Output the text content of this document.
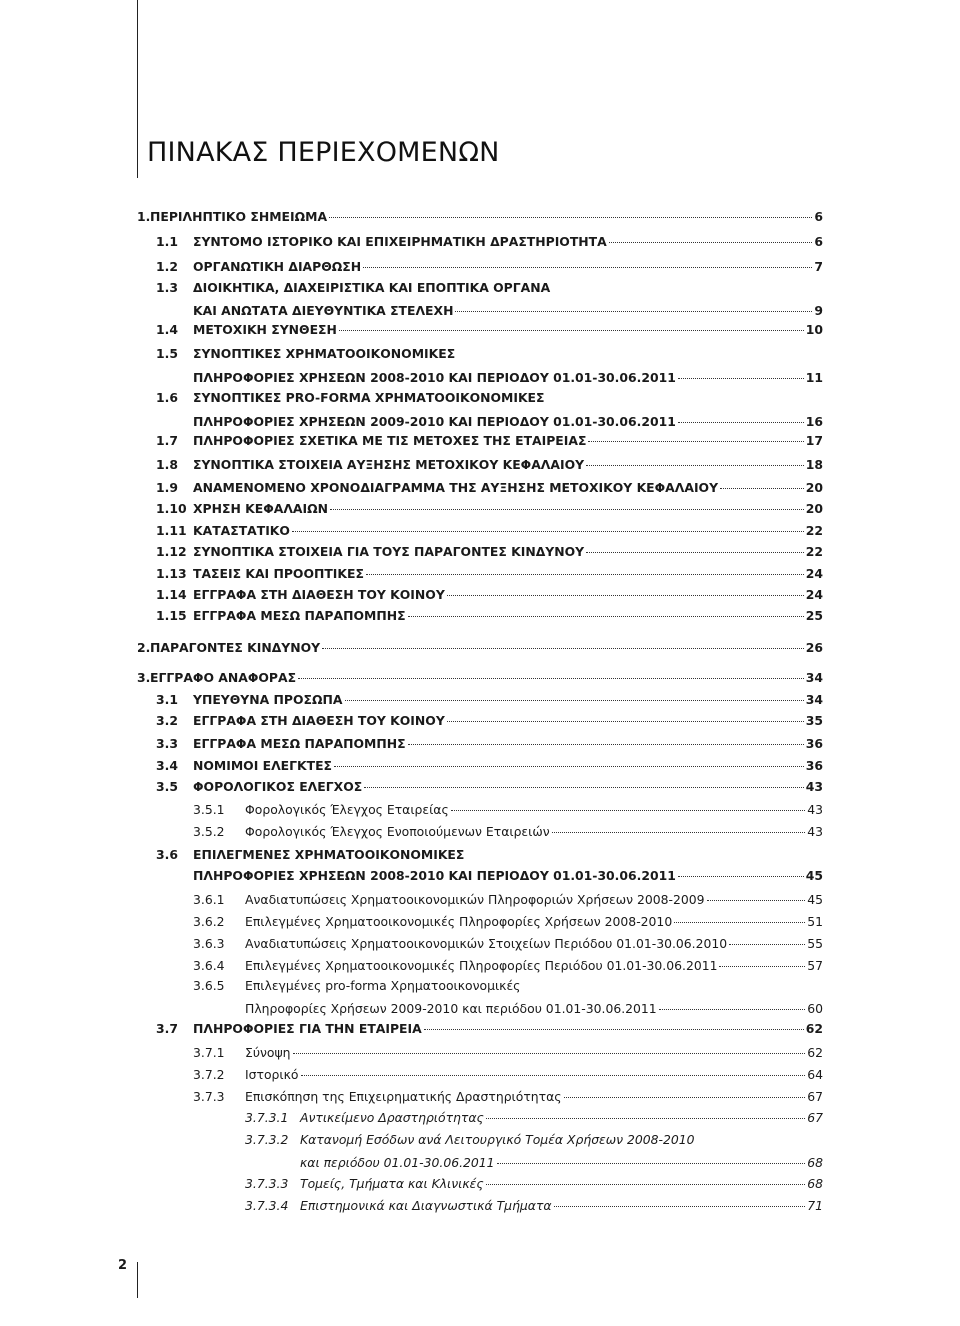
ΠΙΝΑΚΑΣ ΠΕΡΙΕΧΟΜΕΝΩΝ
2
1. ΠΕΡΙΛΗΠΤΙΚΟ ΣΗΜΕΙΩΜΑ	6
1.1 ΣΥΝΤΟΜΟ ΙΣΤΟΡΙΚΟ ΚΑΙ ΕΠΙΧΕΙΡΗΜΑΤΙΚΗ ΔΡΑΣΤΗΡΙΟΤΗΤΑ	6
1.2 ΟΡΓΑΝΩΤΙΚΗ ΔΙΑΡΘΩΣΗ	7
1.3 ΔΙΟΙΚΗΤΙΚΑ, ΔΙΑΧΕΙΡΙΣΤΙΚΑ ΚΑΙ ΕΠΟΠΤΙΚΑ ΟΡΓΑΝΑ
ΚΑΙ ΑΝΩΤΑΤΑ ΔΙΕΥΘΥΝΤΙΚΑ ΣΤΕΛΕΧΗ	9
1.4 ΜΕΤΟΧΙΚΗ ΣΥΝΘΕΣΗ	10
1.5 ΣΥΝΟΠΤΙΚΕΣ ΧΡΗΜΑΤΟΟΙΚΟΝΟΜΙΚΕΣ
ΠΛΗΡΟΦΟΡΙΕΣ ΧΡΗΣΕΩΝ 2008-2010 ΚΑΙ ΠΕΡΙΟΔΟΥ 01.01-30.06.2011	11
1.6 ΣΥΝΟΠΤΙΚΕΣ PRO-FORMA ΧΡΗΜΑΤΟΟΙΚΟΝΟΜΙΚΕΣ
ΠΛΗΡΟΦΟΡΙΕΣ ΧΡΗΣΕΩΝ 2009-2010 ΚΑΙ ΠΕΡΙΟΔΟΥ 01.01-30.06.2011	16
1.7 ΠΛΗΡΟΦΟΡΙΕΣ ΣΧΕΤΙΚΑ ΜΕ ΤΙΣ ΜΕΤΟΧΕΣ ΤΗΣ ΕΤΑΙΡΕΙΑΣ	17
1.8 ΣΥΝΟΠΤΙΚΑ ΣΤΟΙΧΕΙΑ ΑΥΞΗΣΗΣ ΜΕΤΟΧΙΚΟΥ ΚΕΦΑΛΑΙΟΥ	18
1.9 ΑΝΑΜΕΝΟΜΕΝΟ ΧΡΟΝΟΔΙΑΓΡΑΜΜΑ ΤΗΣ ΑΥΞΗΣΗΣ ΜΕΤΟΧΙΚΟΥ ΚΕΦΑΛΑΙΟΥ	20
1.10 ΧΡΗΣΗ ΚΕΦΑΛΑΙΩΝ	20
1.11 ΚΑΤΑΣΤΑΤΙΚΟ	22
1.12 ΣΥΝΟΠΤΙΚΑ ΣΤΟΙΧΕΙΑ ΓΙΑ ΤΟΥΣ ΠΑΡΑΓΟΝΤΕΣ ΚΙΝΔΥΝΟΥ	22
1.13 ΤΑΣΕΙΣ ΚΑΙ ΠΡΟΟΠΤΙΚΕΣ	24
1.14 ΕΓΓΡΑΦΑ ΣΤΗ ΔΙΑΘΕΣΗ ΤΟΥ ΚΟΙΝΟΥ	24
1.15 ΕΓΓΡΑΦΑ ΜΕΣΩ ΠΑΡΑΠΟΜΠΗΣ	25
2. ΠΑΡΑΓΟΝΤΕΣ ΚΙΝΔΥΝΟΥ	26
3. ΕΓΓΡΑΦΟ ΑΝΑΦΟΡΑΣ	34
3.1 ΥΠΕΥΘΥΝΑ ΠΡΟΣΩΠΑ	34
3.2 ΕΓΓΡΑΦΑ ΣΤΗ ΔΙΑΘΕΣΗ ΤΟΥ ΚΟΙΝΟΥ	35
3.3 ΕΓΓΡΑΦΑ ΜΕΣΩ ΠΑΡΑΠΟΜΠΗΣ	36
3.4 ΝΟΜΙΜΟΙ ΕΛΕΓΚΤΕΣ	36
3.5 ΦΟΡΟΛΟΓΙΚΟΣ ΕΛΕΓΧΟΣ	43
3.5.1 Φορολογικός Έλεγχος Εταιρείας	43
3.5.2 Φορολογικός Έλεγχος Ενοποιούμενων Εταιρειών	43
3.6 ΕΠΙΛΕΓΜΕΝΕΣ ΧΡΗΜΑΤΟΟΙΚΟΝΟΜΙΚΕΣ
ΠΛΗΡΟΦΟΡΙΕΣ ΧΡΗΣΕΩΝ 2008-2010 ΚΑΙ ΠΕΡΙΟΔΟΥ 01.01-30.06.2011	45
3.6.1 Αναδιατυπώσεις Χρηματοοικονομικών Πληροφοριών Χρήσεων 2008-2009	45
3.6.2 Επιλεγμένες Χρηματοοικονομικές Πληροφορίες Χρήσεων 2008-2010	51
3.6.3 Αναδιατυπώσεις Χρηματοοικονομικών Στοιχείων Περιόδου 01.01-30.06.2010	55
3.6.4 Επιλεγμένες Χρηματοοικονομικές Πληροφορίες Περιόδου 01.01-30.06.2011	57
3.6.5 Επιλεγμένες pro-forma Χρηματοοικονομικές
Πληροφορίες Χρήσεων 2009-2010 και περιόδου 01.01-30.06.2011	60
3.7 ΠΛΗΡΟΦΟΡΙΕΣ ΓΙΑ ΤΗΝ ΕΤΑΙΡΕΙΑ	62
3.7.1 Σύνοψη	62
3.7.2 Ιστορικό	64
3.7.3 Επισκόπηση της Επιχειρηματικής Δραστηριότητας	67
3.7.3.1 Αντικείμενο Δραστηριότητας	67
3.7.3.2 Κατανομή Εσόδων ανά Λειτουργικό Τομέα Χρήσεων 2008-2010
και περιόδου 01.01-30.06.2011	68
3.7.3.3 Τομείς, Τμήματα και Κλινικές	68
3.7.3.4 Επιστημονικά και Διαγνωστικά Τμήματα	71
